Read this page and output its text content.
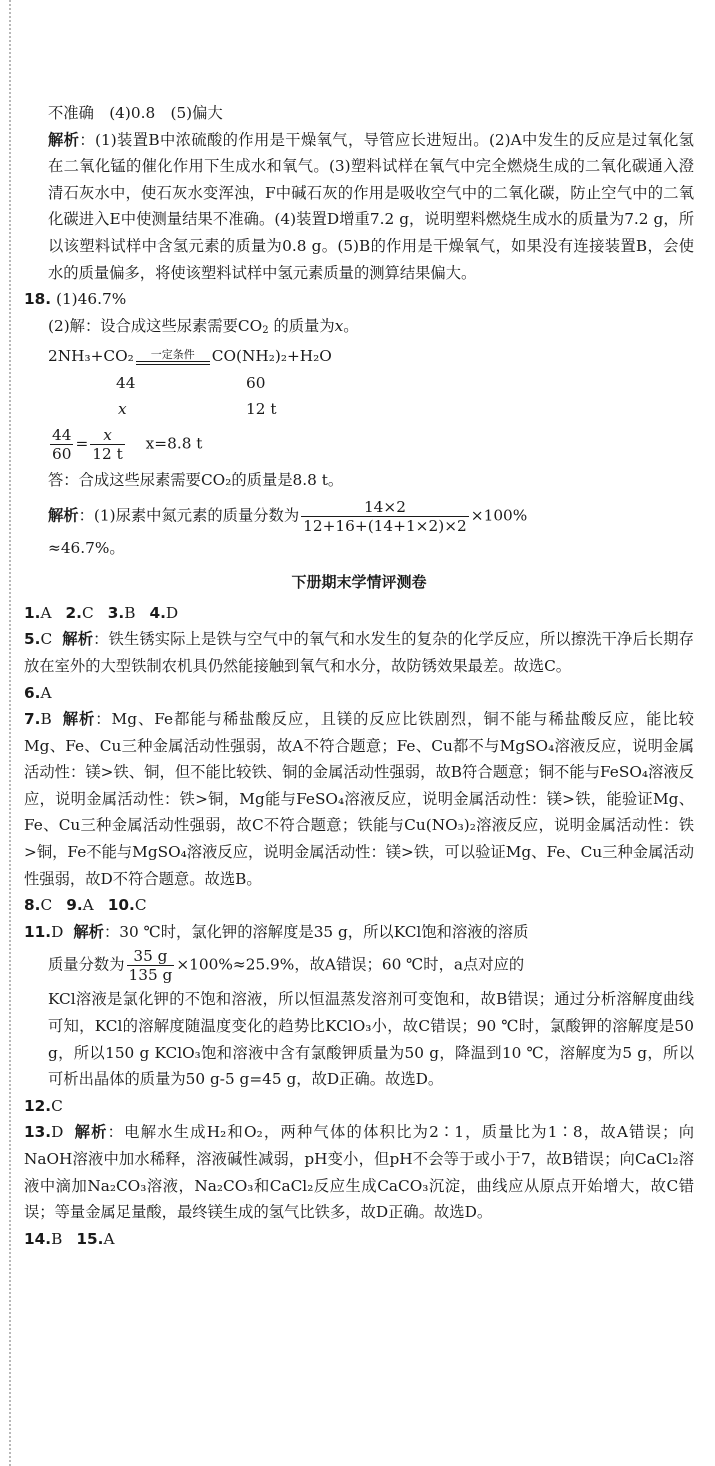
不准确　(4)0.8　(5)偏大

解析：(1)装置B中浓硫酸的作用是干燥氧气，导管应长进短出。(2)A中发生的反应是过氧化氢在二氧化锰的催化作用下生成水和氧气。(3)塑料试样在氧气中完全燃烧生成的二氧化碳通入澄清石灰水中，使石灰水变浑浊，F中碱石灰的作用是吸收空气中的二氧化碳，防止空气中的二氧化碳进入E中使测量结果不准确。(4)装置D增重7.2 g，说明塑料燃烧生成水的质量为7.2 g，所以该塑料试样中含氢元素的质量为0.8 g。(5)B的作用是干燥氧气，如果没有连接装置B，会使水的质量偏多，将使该塑料试样中氢元素质量的测算结果偏大。

18. (1)46.7%

(2)解：设合成这些尿素需要$CO_2$ 的质量为x。

2NH₃+CO₂	一定条件	CO(NH₂)₂+H₂O
44	60
x	12 t
$\frac{44}{60} = \frac{x}{12 t} x=8.8$ t

答：合成这些尿素需要CO₂的质量是8.8 t。

解析：(1)尿素中氮元素的质量分数为 $\frac{14\times 2}{12+16+(14+1\times 2)\times 2} \times 100\%$

≈46.7%。

下册期末学情评测卷

1.A 2.C 3.B 4.D

5.C 解析：铁生锈实际上是铁与空气中的氧气和水发生的复杂的化学反应，所以擦洗干净后长期存放在室外的大型铁制农机具仍然能接触到氧气和水分，故防锈效果最差。故选C。

6.A

7.B 解析：Mg、Fe都能与稀盐酸反应，且镁的反应比铁剧烈，铜不能与稀盐酸反应，能比较Mg、Fe、Cu三种金属活动性强弱，故A不符合题意；Fe、Cu都不与MgSO₄溶液反应，说明金属活动性：镁>铁、铜，但不能比较铁、铜的金属活动性强弱，故B符合题意；铜不能与FeSO₄溶液反应，说明金属活动性：铁>铜，Mg能与FeSO₄溶液反应，说明金属活动性：镁>铁，能验证Mg、Fe、Cu三种金属活动性强弱，故C不符合题意；铁能与Cu(NO₃)₂溶液反应，说明金属活动性：铁>铜，Fe不能与MgSO₄溶液反应，说明金属活动性：镁>铁，可以验证Mg、Fe、Cu三种金属活动性强弱，故D不符合题意。故选B。

8.C 9.A 10.C

11.D 解析：30 ℃时，氯化钾的溶解度是35 g，所以KCl饱和溶液的溶质

质量分数为 $\frac{35 g}{135 g} \times 100\%\approx 25.9\%$，故A错误；60 ℃时，a点对应的

KCl溶液是氯化钾的不饱和溶液，所以恒温蒸发溶剂可变饱和，故B错误；通过分析溶解度曲线可知，KCl的溶解度随温度变化的趋势比KClO₃小，故C错误；90 ℃时，氯酸钾的溶解度是50 g，所以150 g KClO₃饱和溶液中含有氯酸钾质量为50 g，降温到10 ℃，溶解度为5 g，所以可析出晶体的质量为50 g-5 g=45 g，故D正确。故选D。

12.C

13.D 解析：电解水生成H₂和O₂，两种气体的体积比为2∶1，质量比为1∶8，故A错误；向NaOH溶液中加水稀释，溶液碱性减弱，pH变小，但pH不会等于或小于7，故B错误；向CaCl₂溶液中滴加Na₂CO₃溶液，Na₂CO₃和CaCl₂反应生成CaCO₃沉淀，曲线应从原点开始增大，故C错误；等量金属足量酸，最终镁生成的氢气比铁多，故D正确。故选D。

14.B 15.A
